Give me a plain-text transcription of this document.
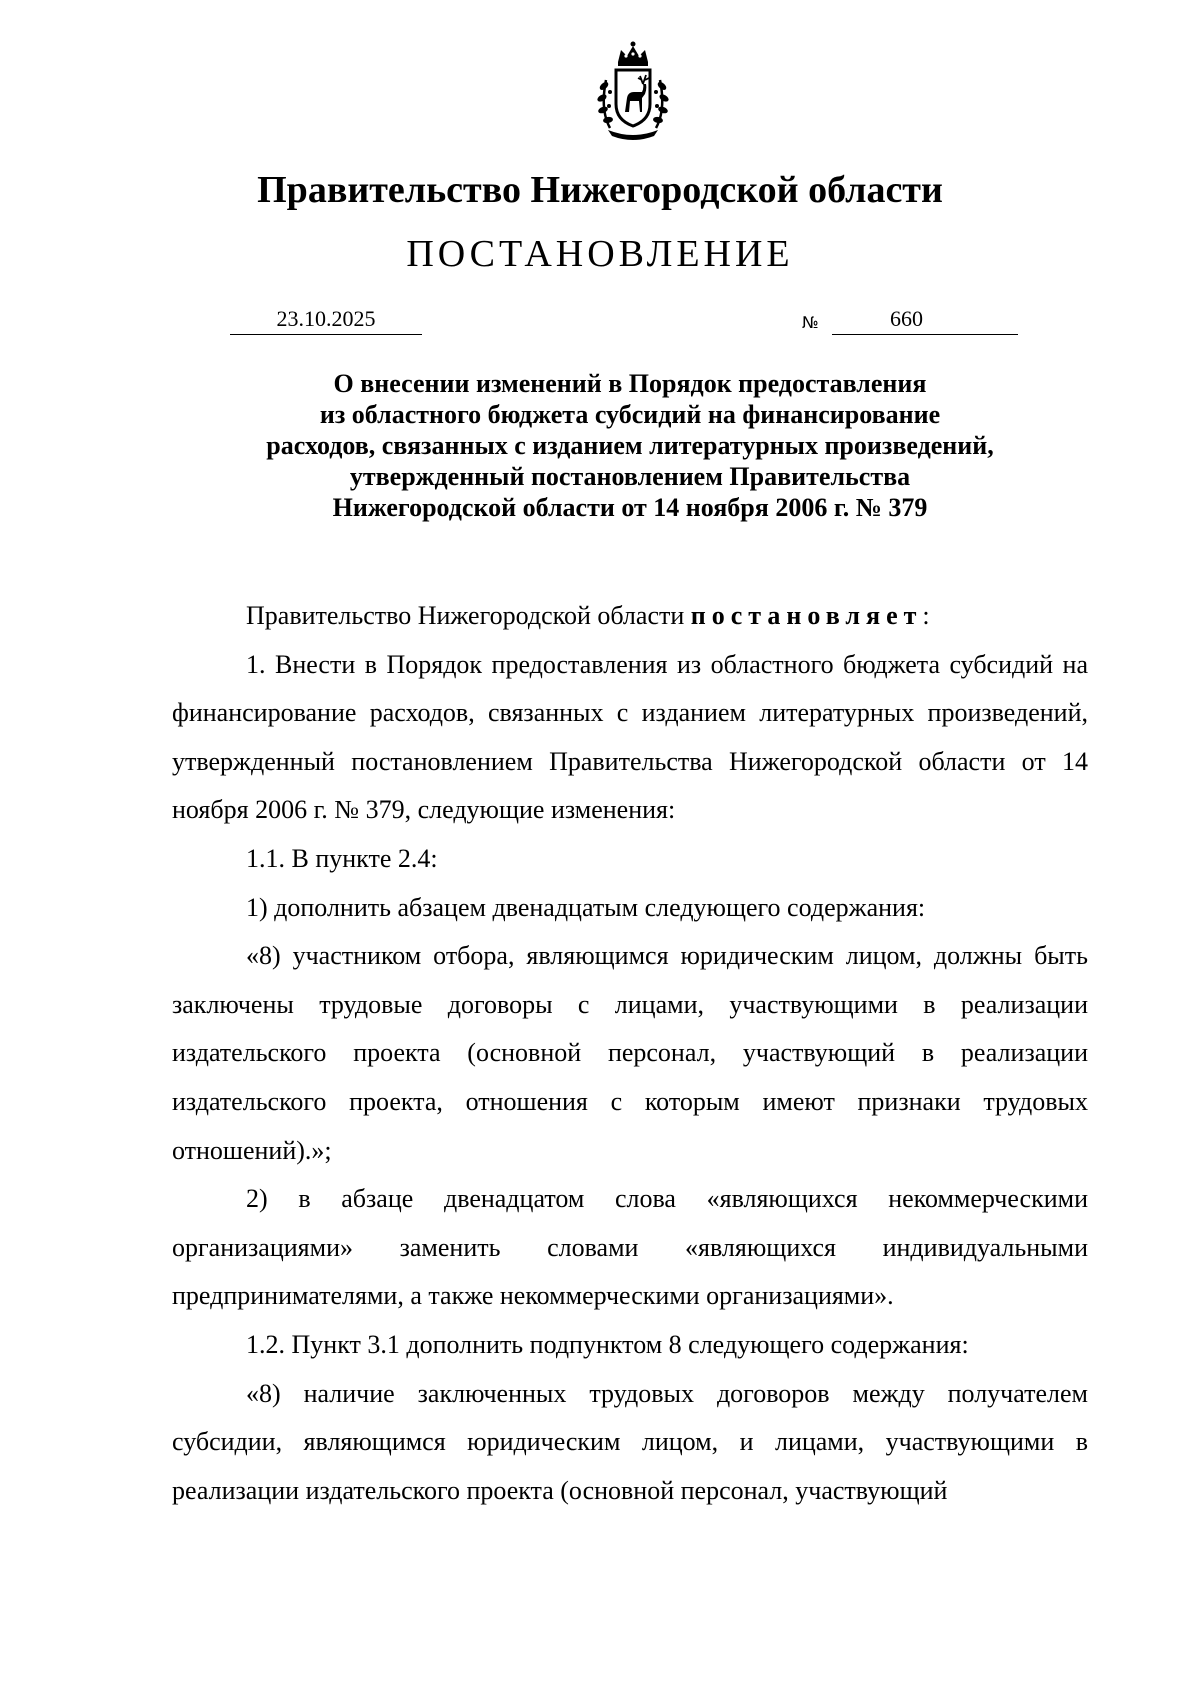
Правительство Нижегородской области
ПОСТАНОВЛЕНИЕ
23.10.2025	№	660
О внесении изменений в Порядок предоставления
из областного бюджета субсидий на финансирование
расходов, связанных с изданием литературных произведений,
утвержденный постановлением Правительства
Нижегородской области от 14 ноября 2006 г. № 379

Правительство Нижегородской области постановляет:

1. Внести в Порядок предоставления из областного бюджета субсидий на финансирование расходов, связанных с изданием литературных произведений, утвержденный постановлением Правительства Нижегородской области от 14 ноября 2006 г. № 379, следующие изменения:

1.1. В пункте 2.4:

1) дополнить абзацем двенадцатым следующего содержания:

«8) участником отбора, являющимся юридическим лицом, должны быть заключены трудовые договоры с лицами, участвующими в реализации издательского проекта (основной персонал, участвующий в реализации издательского проекта, отношения с которым имеют признаки трудовых отношений).»;

2) в абзаце двенадцатом слова «являющихся некоммерческими организациями» заменить словами «являющихся индивидуальными предпринимателями, а также некоммерческими организациями».

1.2. Пункт 3.1 дополнить подпунктом 8 следующего содержания:

«8) наличие заключенных трудовых договоров между получателем субсидии, являющимся юридическим лицом, и лицами, участвующими в реализации издательского проекта (основной персонал, участвующий
